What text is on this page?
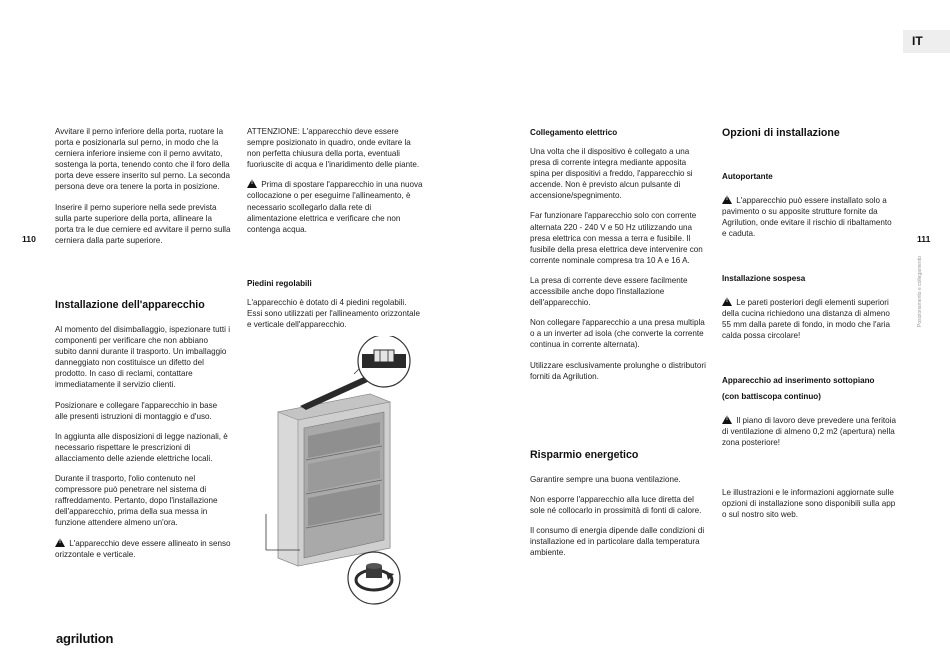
IT
110	111
Posizionamento e collegamento

Avvitare il perno inferiore della porta, ruotare la porta e posizionarla sul perno, in modo che la cerniera inferiore insieme con il perno avvitato, sostenga la porta, tenendo conto che il foro della porta deve essere inserito sul perno. La seconda persona deve ora tenere la porta in posizione.

Inserire il perno superiore nella sede prevista sulla parte superiore della porta, allineare la porta tra le due cerniere ed avvitare il perno sulla cerniera dalla parte superiore.

Installazione dell'apparecchio

Al momento del disimballaggio, ispezionare tutti i componenti per verificare che non abbiano subito danni durante il trasporto. Un imballaggio danneggiato non costituisce un difetto del prodotto. In caso di reclami, contattare immediatamente il servizio clienti.

Posizionare e collegare l'apparecchio in base alle presenti istruzioni di montaggio e d'uso.

In aggiunta alle disposizioni di legge nazionali, è necessario rispettare le prescrizioni di allacciamento delle aziende elettriche locali.

Durante il trasporto, l'olio contenuto nel compressore può penetrare nel sistema di raffreddamento. Pertanto, dopo l'installazione dell'apparecchio, prima della sua messa in funzione attendere almeno un'ora.

! L'apparecchio deve essere allineato in senso orizzontale e verticale.

ATTENZIONE: L'apparecchio deve essere sempre posizionato in quadro, onde evitare la non perfetta chiusura della porta, eventuali fuoriuscite di acqua e l'inaridimento delle piante.

! Prima di spostare l'apparecchio in una nuova collocazione o per eseguirne l'allineamento, è necessario scollegarlo dalla rete di alimentazione elettrica e verificare che non contenga acqua.

Piedini regolabili

L'apparecchio è dotato di 4 piedini regolabili. Essi sono utilizzati per l'allineamento orizzontale e verticale dell'apparecchio.

Collegamento elettrico

Una volta che il dispositivo è collegato a una presa di corrente integra mediante apposita spina per dispositivi a freddo, l'apparecchio si accende. Non è previsto alcun pulsante di accensione/spegnimento.

Far funzionare l'apparecchio solo con corrente alternata 220 - 240 V e 50 Hz utilizzando una presa elettrica con messa a terra e fusibile. Il fusibile della presa elettrica deve intervenire con corrente nominale compresa tra 10 A e 16 A.

La presa di corrente deve essere facilmente accessibile anche dopo l'installazione dell'apparecchio.

Non collegare l'apparecchio a una presa multipla o a un inverter ad isola (che converte la corrente continua in corrente alternata).

Utilizzare esclusivamente prolunghe o distributori forniti da Agrilution.

Risparmio energetico

Garantire sempre una buona ventilazione.

Non esporre l'apparecchio alla luce diretta del sole né collocarlo in prossimità di fonti di calore.

Il consumo di energia dipende dalle condizioni di installazione ed in particolare dalla temperatura ambiente.

Opzioni di installazione
Autoportante

! L'apparecchio può essere installato solo a pavimento o su apposite strutture fornite da Agrilution, onde evitare il rischio di ribaltamento e caduta.

Installazione sospesa

! Le pareti posteriori degli elementi superiori della cucina richiedono una distanza di almeno 55 mm dalla parete di fondo, in modo che l'aria calda possa circolare!

Apparecchio ad inserimento sottopiano
(con battiscopa continuo)

! Il piano di lavoro deve prevedere una feritoia di ventilazione di almeno 0,2 m2 (apertura) nella zona posteriore!

Le illustrazioni e le informazioni aggiornate sulle opzioni di installazione sono disponibili sulla app o sul nostro sito web.

agrilution
